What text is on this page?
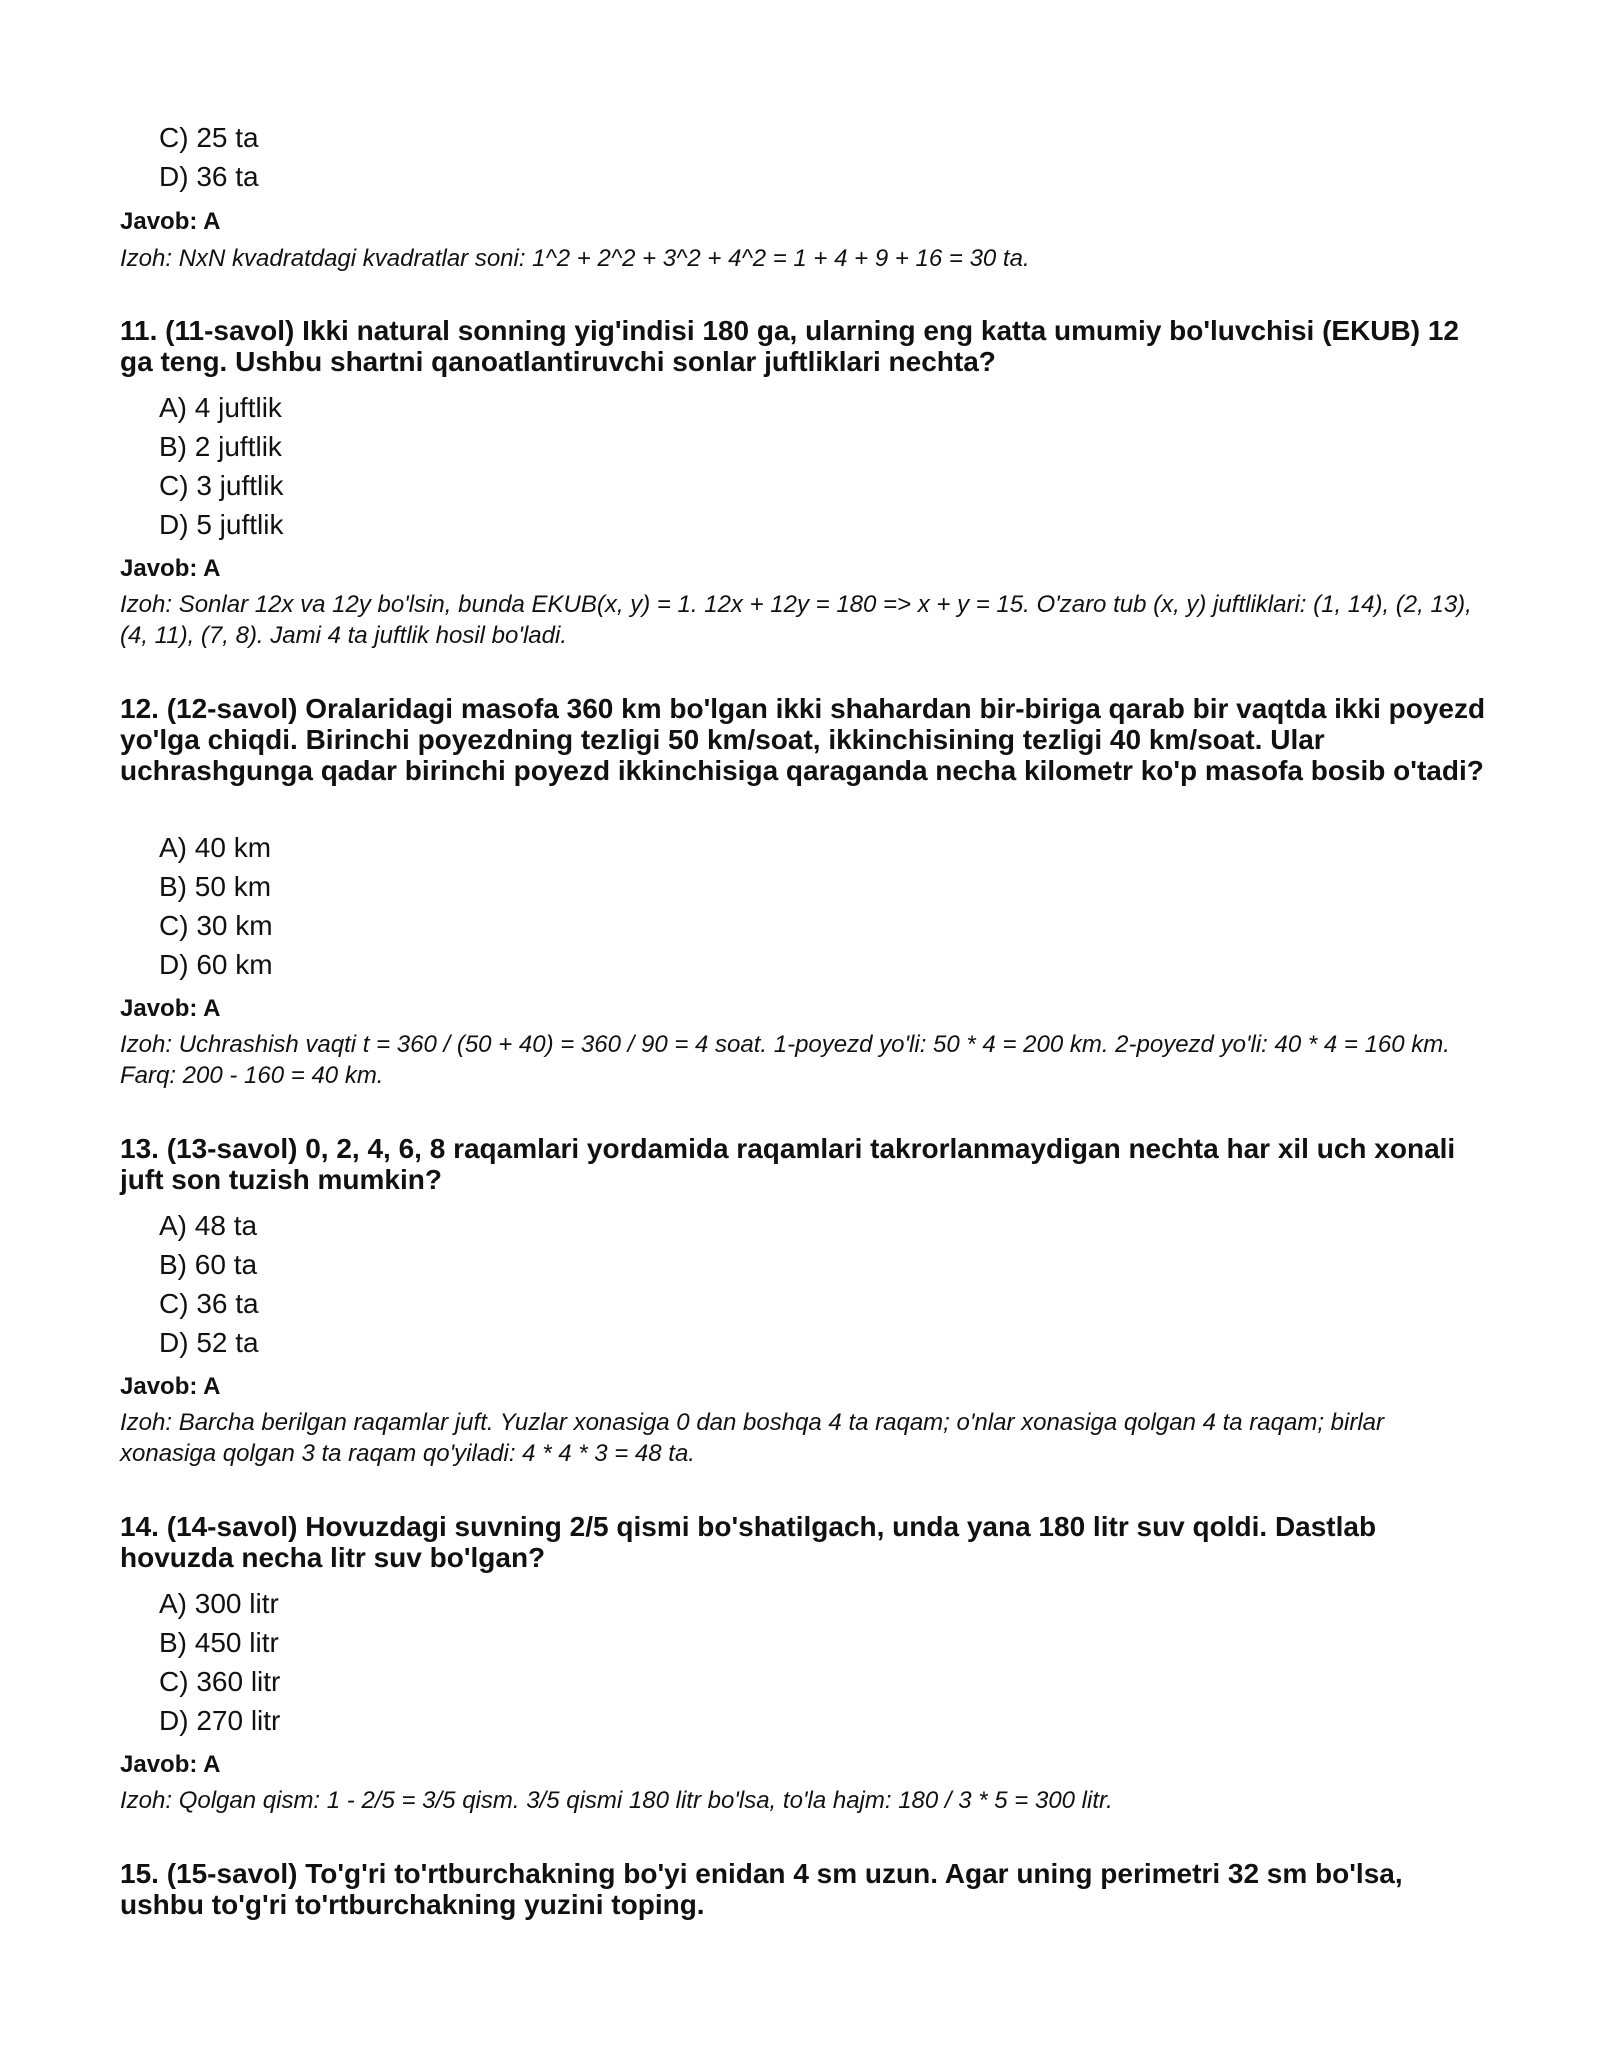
C) 25 ta
D) 36 ta
Javob: A
Izoh: NxN kvadratdagi kvadratlar soni: 1^2 + 2^2 + 3^2 + 4^2 = 1 + 4 + 9 + 16 = 30 ta.
11. (11-savol) Ikki natural sonning yig'indisi 180 ga, ularning eng katta umumiy bo'luvchisi (EKUB) 12 ga teng. Ushbu shartni qanoatlantiruvchi sonlar juftliklari nechta?
A) 4 juftlik
B) 2 juftlik
C) 3 juftlik
D) 5 juftlik
Javob: A
Izoh: Sonlar 12x va 12y bo'lsin, bunda EKUB(x, y) = 1. 12x + 12y = 180 => x + y = 15. O'zaro tub (x, y) juftliklari: (1, 14), (2, 13), (4, 11), (7, 8). Jami 4 ta juftlik hosil bo'ladi.
12. (12-savol) Oralaridagi masofa 360 km bo'lgan ikki shahardan bir-biriga qarab bir vaqtda ikki poyezd yo'lga chiqdi. Birinchi poyezdning tezligi 50 km/soat, ikkinchisining tezligi 40 km/soat. Ular uchrashgunga qadar birinchi poyezd ikkinchisiga qaraganda necha kilometr ko'p masofa bosib o'tadi?
A) 40 km
B) 50 km
C) 30 km
D) 60 km
Javob: A
Izoh: Uchrashish vaqti t = 360 / (50 + 40) = 360 / 90 = 4 soat. 1-poyezd yo'li: 50 * 4 = 200 km. 2-poyezd yo'li: 40 * 4 = 160 km. Farq: 200 - 160 = 40 km.
13. (13-savol) 0, 2, 4, 6, 8 raqamlari yordamida raqamlari takrorlanmaydigan nechta har xil uch xonali juft son tuzish mumkin?
A) 48 ta
B) 60 ta
C) 36 ta
D) 52 ta
Javob: A
Izoh: Barcha berilgan raqamlar juft. Yuzlar xonasiga 0 dan boshqa 4 ta raqam; o'nlar xonasiga qolgan 4 ta raqam; birlar xonasiga qolgan 3 ta raqam qo'yiladi: 4 * 4 * 3 = 48 ta.
14. (14-savol) Hovuzdagi suvning 2/5 qismi bo'shatilgach, unda yana 180 litr suv qoldi. Dastlab hovuzda necha litr suv bo'lgan?
A) 300 litr
B) 450 litr
C) 360 litr
D) 270 litr
Javob: A
Izoh: Qolgan qism: 1 - 2/5 = 3/5 qism. 3/5 qismi 180 litr bo'lsa, to'la hajm: 180 / 3 * 5 = 300 litr.
15. (15-savol) To'g'ri to'rtburchakning bo'yi enidan 4 sm uzun. Agar uning perimetri 32 sm bo'lsa, ushbu to'g'ri to'rtburchakning yuzini toping.
